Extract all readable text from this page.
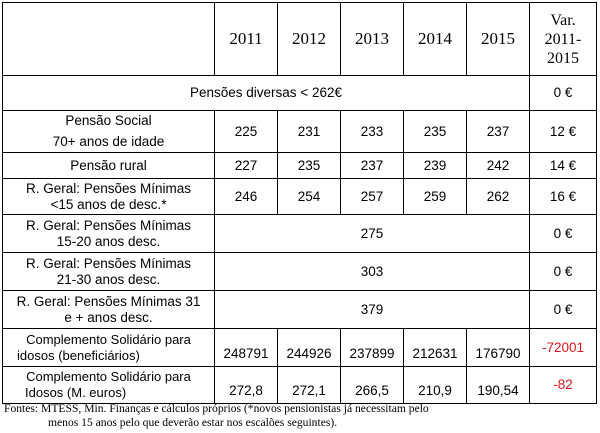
	2011	2012	2013	2014	2015	Var.
2011-
2015

Pensões diversas < 262€						0 €

Pensão Social
70+ anos de idade	225	231	233	235	237	12 €
Pensão rural	227	235	237	239	242	14 €

R. Geral: Pensões Mínimas
<15 anos de desc.*	246	254	257	259	262	16 €

R. Geral: Pensões Mínimas
15-20 anos desc.	275					0 €

R. Geral: Pensões Mínimas
21-30 anos desc.	303					0 €

R. Geral: Pensões Mínimas 31
e + anos desc.	379					0 €

Complemento Solidário para
idosos (beneficiários)	248791	244926	237899	212631	176790	-72001

Complemento Solidário para
Idosos (M. euros)	272,8	272,1	266,5	210,9	190,54	-82
Fontes: MTESS, Min. Finanças e cálculos próprios (*novos pensionistas já necessitam pelo
menos 15 anos pelo que deverão estar nos escalões seguintes).
